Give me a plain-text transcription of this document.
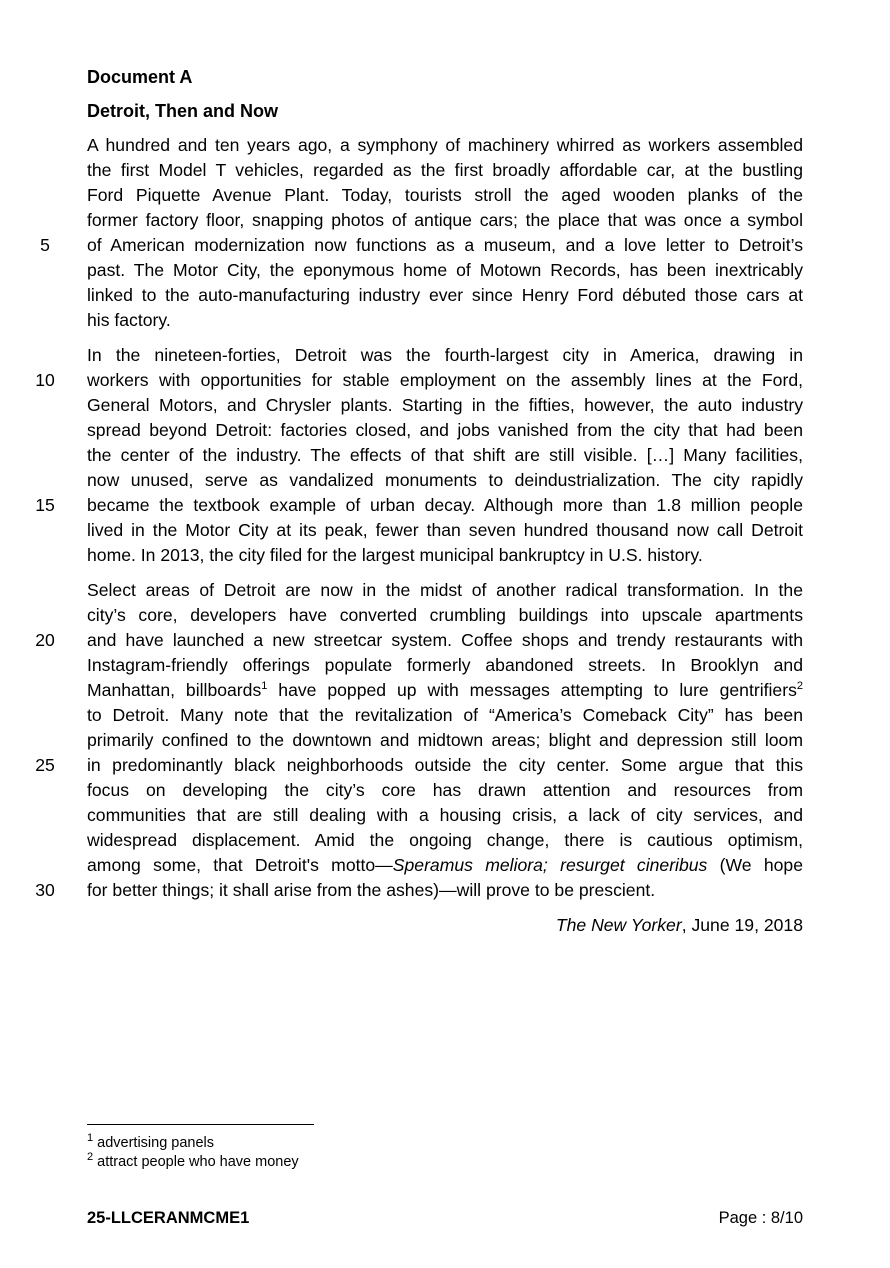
Document A
Detroit, Then and Now
A hundred and ten years ago, a symphony of machinery whirred as workers assembled
the first Model T vehicles, regarded as the first broadly affordable car, at the bustling
Ford Piquette Avenue Plant. Today, tourists stroll the aged wooden planks of the
former factory floor, snapping photos of antique cars; the place that was once a symbol
of American modernization now functions as a museum, and a love letter to Detroit’s
past. The Motor City, the eponymous home of Motown Records, has been inextricably
linked to the auto-manufacturing industry ever since Henry Ford débuted those cars at
his factory.
In the nineteen-forties, Detroit was the fourth-largest city in America, drawing in
workers with opportunities for stable employment on the assembly lines at the Ford,
General Motors, and Chrysler plants. Starting in the fifties, however, the auto industry
spread beyond Detroit: factories closed, and jobs vanished from the city that had been
the center of the industry. The effects of that shift are still visible. […] Many facilities,
now unused, serve as vandalized monuments to deindustrialization. The city rapidly
became the textbook example of urban decay. Although more than 1.8 million people
lived in the Motor City at its peak, fewer than seven hundred thousand now call Detroit
home. In 2013, the city filed for the largest municipal bankruptcy in U.S. history.
Select areas of Detroit are now in the midst of another radical transformation. In the
city’s core, developers have converted crumbling buildings into upscale apartments
and have launched a new streetcar system. Coffee shops and trendy restaurants with
Instagram-friendly offerings populate formerly abandoned streets. In Brooklyn and
Manhattan, billboards$^1$ have popped up with messages attempting to lure gentrifiers$^2$
to Detroit. Many note that the revitalization of “America’s Comeback City” has been
primarily confined to the downtown and midtown areas; blight and depression still loom
in predominantly black neighborhoods outside the city center. Some argue that this
focus on developing the city’s core has drawn attention and resources from
communities that are still dealing with a housing crisis, a lack of city services, and
widespread displacement. Amid the ongoing change, there is cautious optimism,
among some, that Detroit's motto—Speramus meliora; resurget cineribus (We hope
for better things; it shall arise from the ashes)—will prove to be prescient.
The New Yorker, June 19, 2018
5
10
15
20
25
30
$^1$ advertising panels
$^2$ attract people who have money
25-LLCERANMCME1	Page : 8/10
